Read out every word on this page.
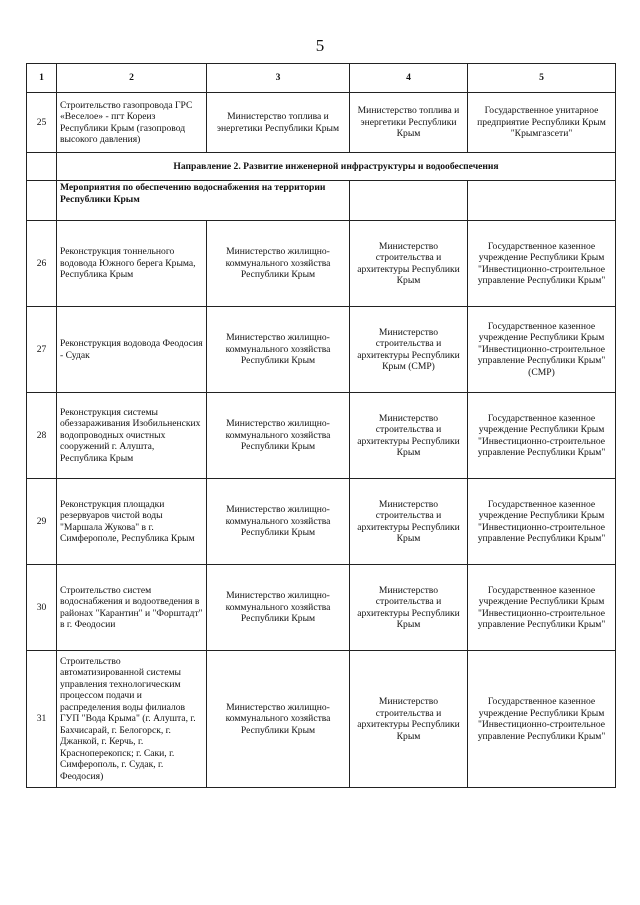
5
1	2	3	4	5
25	Строительство газопровода ГРС «Веселое» - пгт Кореиз Республики Крым (газопровод высокого давления)	Министерство топлива и энергетики Республики Крым	Министерство топлива и энергетики Республики Крым	Государственное унитарное предприятие Республики Крым "Крымгазсети"
	Направление 2. Развитие инженерной инфраструктуры и водообеспечения			
	Мероприятия по обеспечению водоснабжения на территории Республики Крым			
26	Реконструкция тоннельного водовода Южного берега Крыма, Республика Крым	Министерство жилищно-коммунального хозяйства Республики Крым	Министерство строительства и архитектуры Республики Крым	Государственное казенное учреждение Республики Крым "Инвестиционно-строительное управление Республики Крым"
27	Реконструкция водовода Феодосия - Судак	Министерство жилищно-коммунального хозяйства Республики Крым	Министерство строительства и архитектуры Республики Крым (СМР)	Государственное казенное учреждение Республики Крым "Инвестиционно-строительное управление Республики Крым" (СМР)
28	Реконструкция системы обеззараживания Изобильненских водопроводных очистных сооружений г. Алушта, Республика Крым	Министерство жилищно-коммунального хозяйства Республики Крым	Министерство строительства и архитектуры Республики Крым	Государственное казенное учреждение Республики Крым "Инвестиционно-строительное управление Республики Крым"
29	Реконструкция площадки резервуаров чистой воды "Маршала Жукова" в г. Симферополе, Республика Крым	Министерство жилищно-коммунального хозяйства Республики Крым	Министерство строительства и архитектуры Республики Крым	Государственное казенное учреждение Республики Крым "Инвестиционно-строительное управление Республики Крым"
30	Строительство систем водоснабжения и водоотведения в районах "Карантин" и "Форштадт" в г. Феодосии	Министерство жилищно-коммунального хозяйства Республики Крым	Министерство строительства и архитектуры Республики Крым	Государственное казенное учреждение Республики Крым "Инвестиционно-строительное управление Республики Крым"
31	Строительство автоматизированной системы управления технологическим процессом подачи и распределения воды филиалов ГУП "Вода Крыма" (г. Алушта, г. Бахчисарай, г. Белогорск, г. Джанкой, г. Керчь, г. Красноперекопск; г. Саки, г. Симферополь, г. Судак, г. Феодосия)	Министерство жилищно-коммунального хозяйства Республики Крым	Министерство строительства и архитектуры Республики Крым	Государственное казенное учреждение Республики Крым "Инвестиционно-строительное управление Республики Крым"
